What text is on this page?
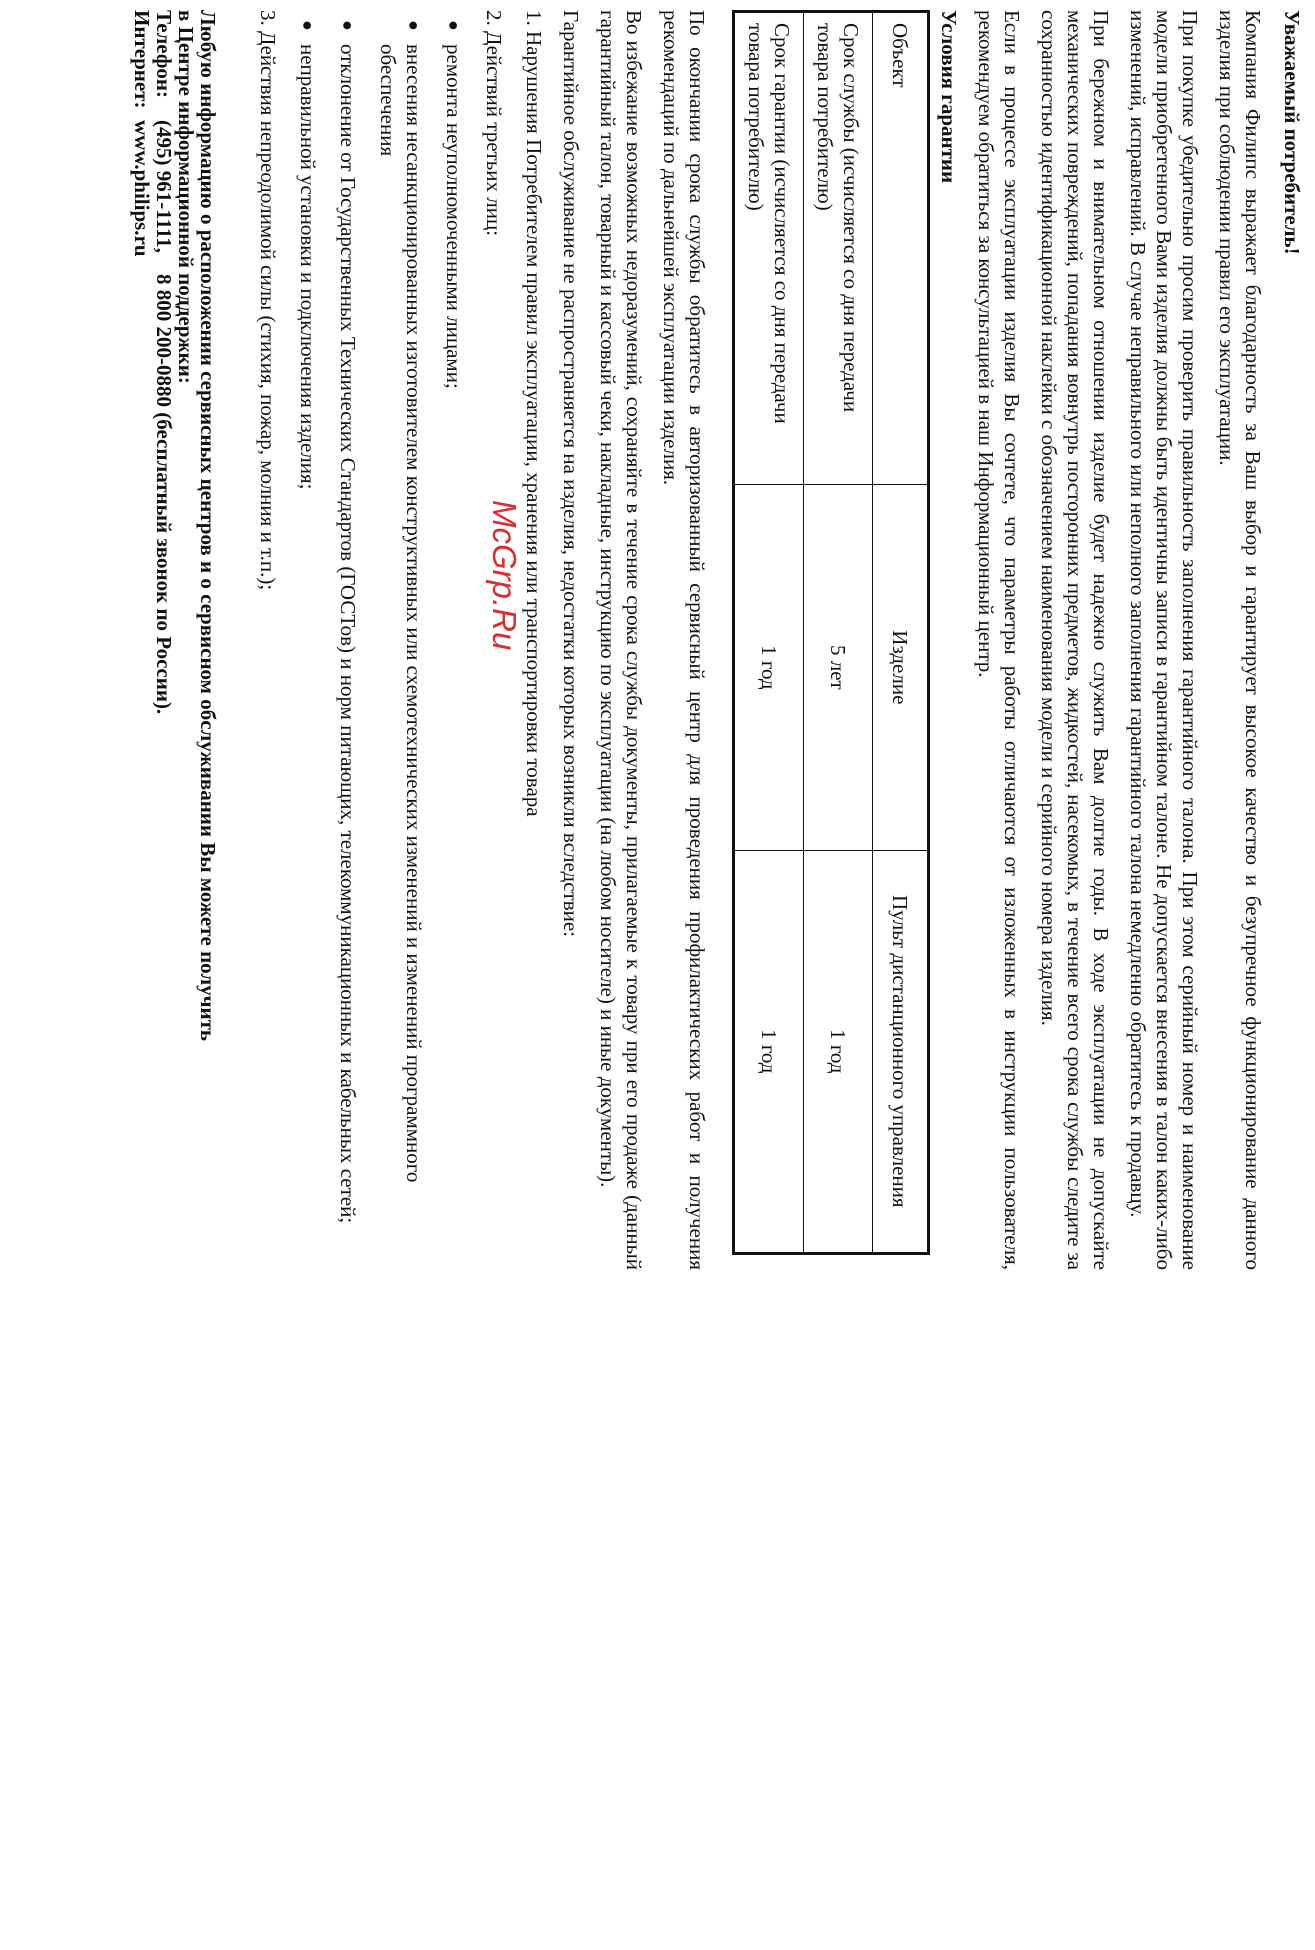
Уважаемый потребитель!

Компания Филипс выражает благодарность за Ваш выбор и гарантирует высокое качество и безупречное функционирование данного изделия при соблюдении правил его эксплуатации.

При покупке убедительно просим проверить правильность заполнения гарантийного талона. При этом серийный номер и наименование модели приобретенного Вами изделия должны быть идентичны записи в гарантийном талоне. Не допускается внесения в талон каких-либо изменений, исправлений. В случае неправильного или неполного заполнения гарантийного талона немедленно обратитесь к продавцу.

При бережном и внимательном отношении изделие будет надежно служить Вам долгие годы. В ходе эксплуатации не допускайте механических повреждений, попадания вовнутрь посторонних предметов, жидкостей, насекомых, в течение всего срока службы следите за сохранностью идентификационной наклейки с обозначением наименования модели и серийного номера изделия.

Если в процессе эксплуатации изделия Вы сочтете, что параметры работы отличаются от изложенных в инструкции пользователя, рекомендуем обратиться за консультацией в наш Информационный центр.

Условия гарантии

Объект	Изделие	Пульт дистанционного управления
Срок службы (исчисляется со дня передачи товара потребителю)	5 лет	1 год
Срок гарантии (исчисляется со дня передачи товара потребителю)	1 год	1 год

По окончании срока службы обратитесь в авторизованный сервисный центр для проведения профилактических работ и получения рекомендаций по дальнейшей эксплуатации изделия.

Во избежание возможных недоразумений, сохраняйте в течение срока службы документы, прилагаемые к товару при его продаже (данный гарантийный талон, товарный и кассовый чеки, накладные, инструкцию по эксплуатации (на любом носителе) и иные документы).

Гарантийное обслуживание не распространяется на изделия, недостатки которых возникли вследствие:

1. Нарушения Потребителем правил эксплуатации, хранения или транспортировки товара

2. Действий третьих лиц:

●
ремонта неуполномоченными лицами;
●
внесения несанкционированных изготовителем конструктивных или схемотехнических изменений и изменений программного обеспечения
●
отклонение от Государственных Технических Стандартов (ГОСТов) и норм питающих, телекоммуникационных и кабельных сетей;
●
неправильной установки и подключения изделия;

3. Действия непреодолимой силы (стихия, пожар, молния и т.п.);

Любую информацию о расположении сервисных центров и о сервисном обслуживании Вы можете получить

в Центре информационной поддержки:

Телефон:
(495) 961-1111,    8 800 200-0880 (бесплатный звонок по России).
Интернет:
www.philips.ru
McGrp.Ru
